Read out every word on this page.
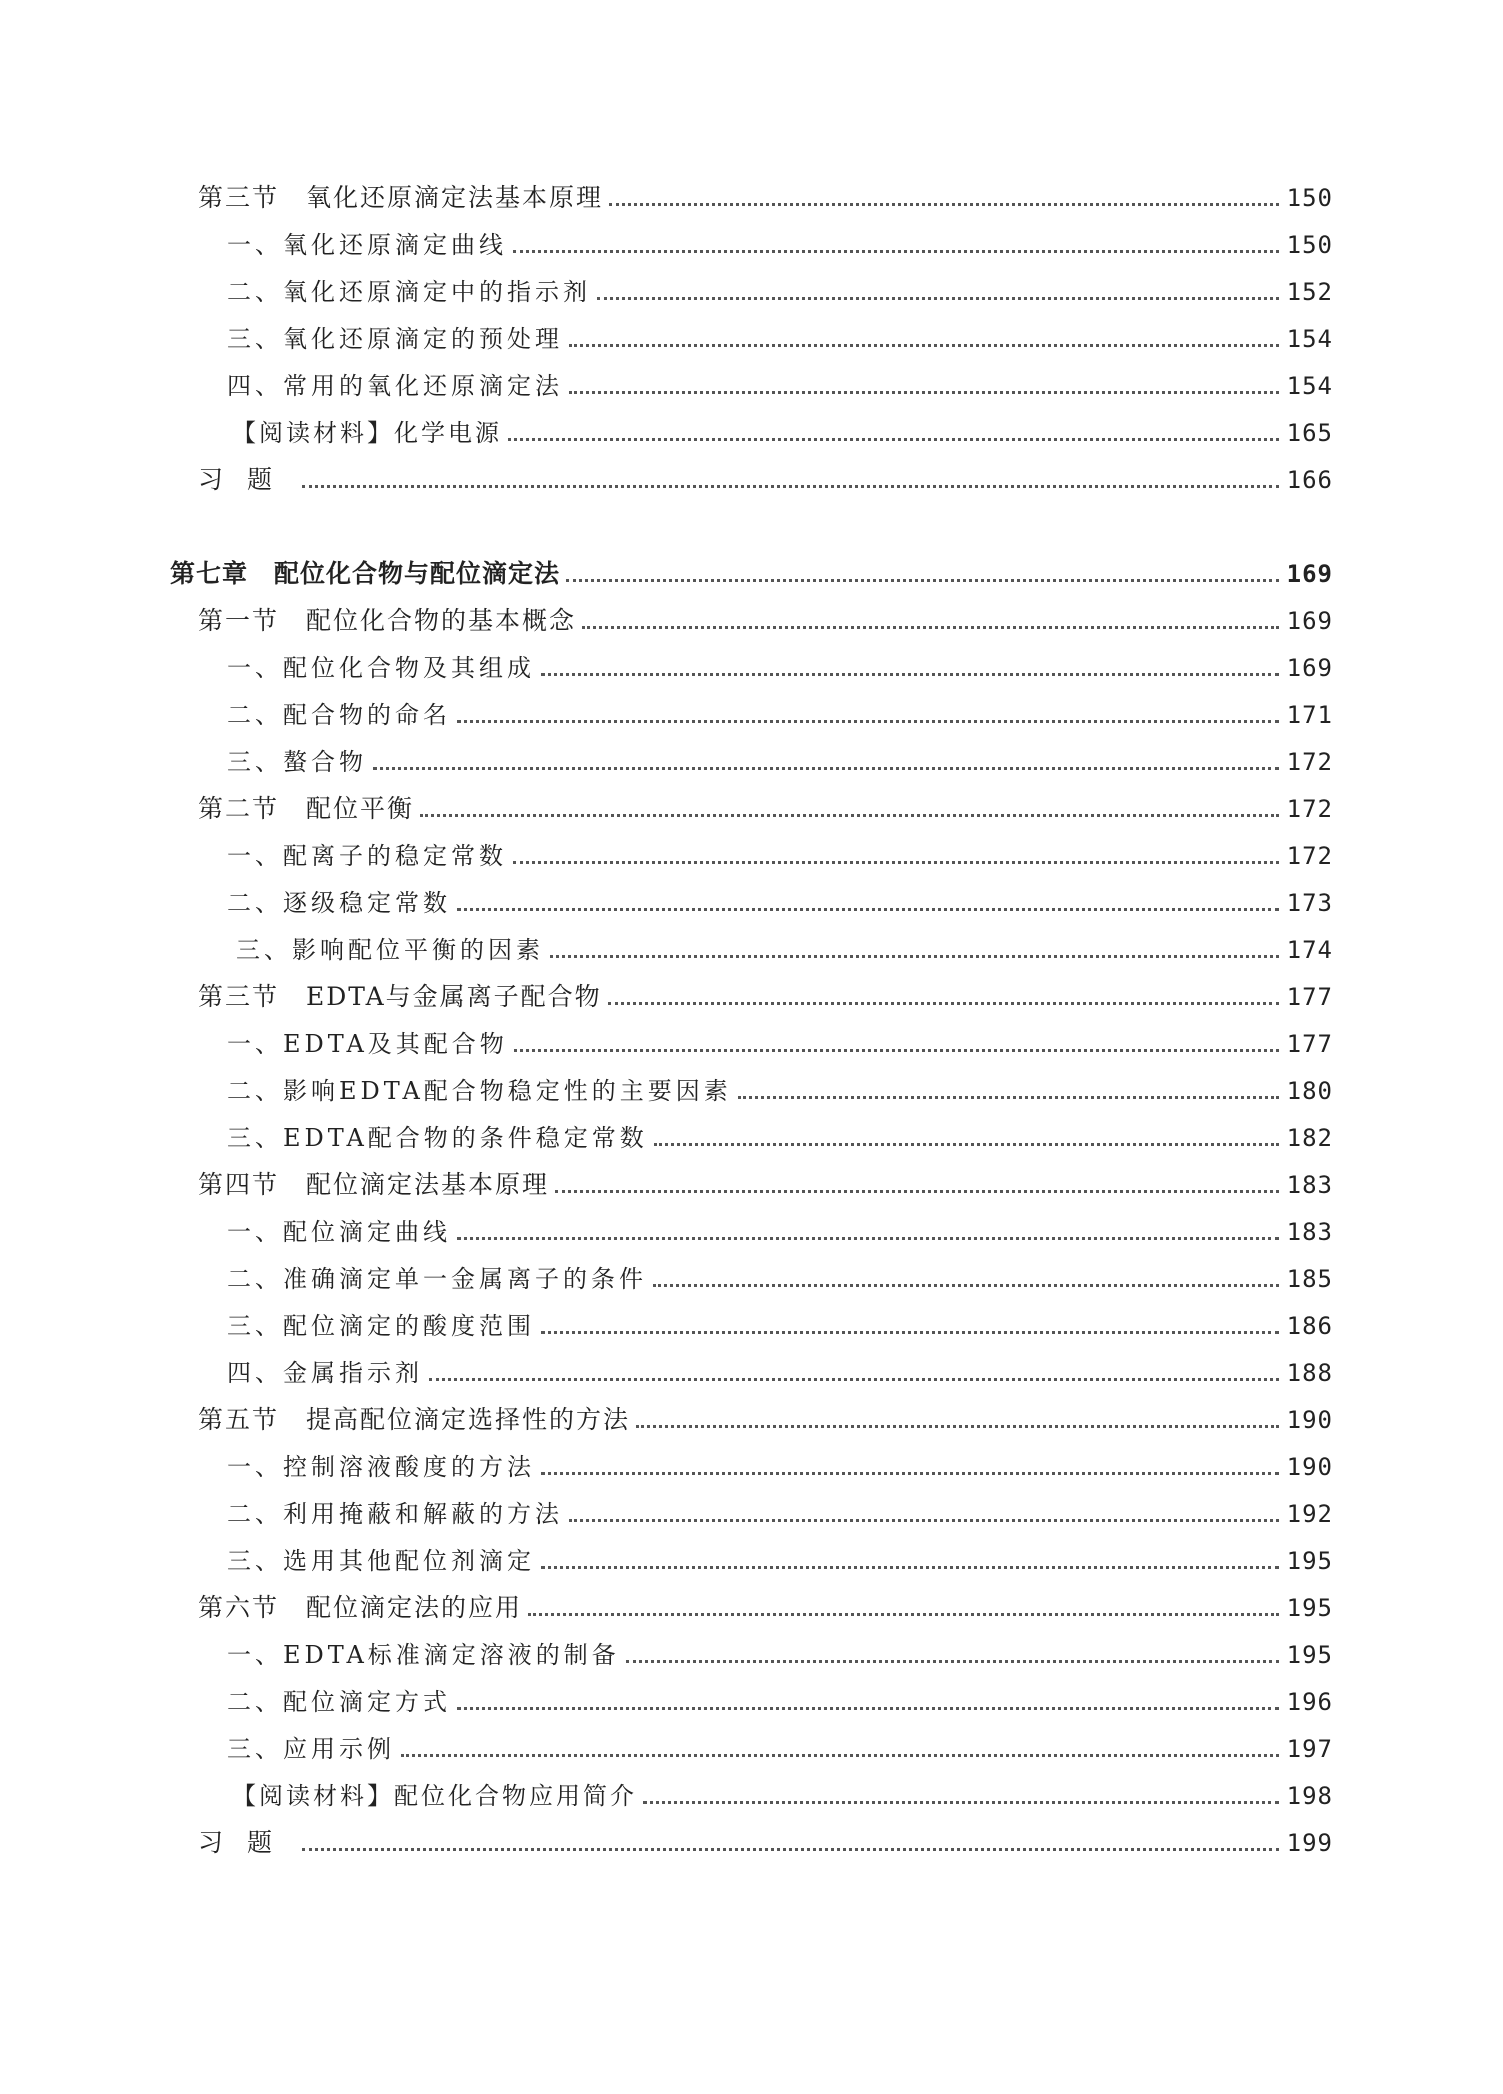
第三节　氧化还原滴定法基本原理	150
一、氧化还原滴定曲线	150
二、氧化还原滴定中的指示剂	152
三、氧化还原滴定的预处理	154
四、常用的氧化还原滴定法	154
【阅读材料】化学电源	165
习题	166
第七章　配位化合物与配位滴定法	169
第一节　配位化合物的基本概念	169
一、配位化合物及其组成	169
二、配合物的命名	171
三、螯合物	172
第二节　配位平衡	172
一、配离子的稳定常数	172
二、逐级稳定常数	173
三、影响配位平衡的因素	174
第三节　EDTA与金属离子配合物	177
一、EDTA及其配合物	177
二、影响EDTA配合物稳定性的主要因素	180
三、EDTA配合物的条件稳定常数	182
第四节　配位滴定法基本原理	183
一、配位滴定曲线	183
二、准确滴定单一金属离子的条件	185
三、配位滴定的酸度范围	186
四、金属指示剂	188
第五节　提高配位滴定选择性的方法	190
一、控制溶液酸度的方法	190
二、利用掩蔽和解蔽的方法	192
三、选用其他配位剂滴定	195
第六节　配位滴定法的应用	195
一、EDTA标准滴定溶液的制备	195
二、配位滴定方式	196
三、应用示例	197
【阅读材料】配位化合物应用简介	198
习题	199
